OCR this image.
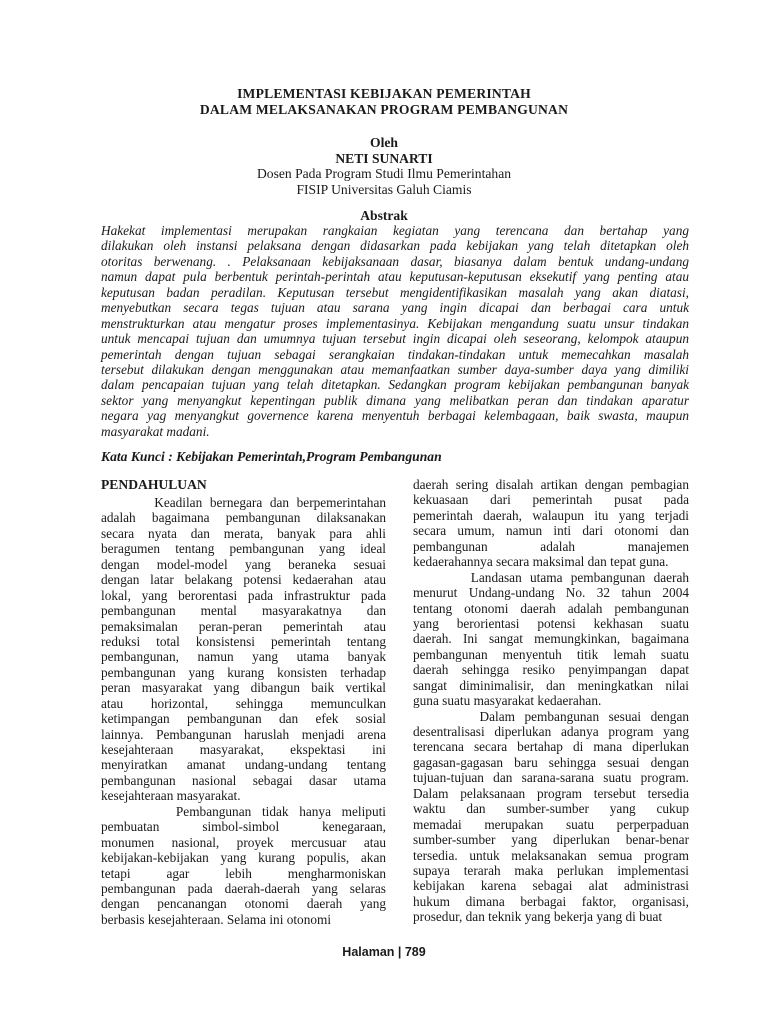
IMPLEMENTASI KEBIJAKAN PEMERINTAH
DALAM MELAKSANAKAN PROGRAM PEMBANGUNAN
Oleh
NETI SUNARTI
Dosen Pada Program Studi Ilmu Pemerintahan
FISIP Universitas Galuh Ciamis
Abstrak
Hakekat implementasi merupakan rangkaian kegiatan yang terencana dan bertahap yang
dilakukan oleh instansi pelaksana dengan didasarkan pada kebijakan yang telah ditetapkan oleh
otoritas berwenang. . Pelaksanaan kebijaksanaan dasar, biasanya dalam bentuk undang-undang
namun dapat pula berbentuk perintah-perintah atau keputusan-keputusan eksekutif yang penting atau
keputusan badan peradilan. Keputusan tersebut mengidentifikasikan masalah yang akan diatasi,
menyebutkan secara tegas tujuan atau sarana yang ingin dicapai dan berbagai cara untuk
menstrukturkan atau mengatur proses implementasinya. Kebijakan mengandung suatu unsur tindakan
untuk mencapai tujuan dan umumnya tujuan tersebut ingin dicapai oleh seseorang, kelompok ataupun
pemerintah dengan tujuan sebagai serangkaian tindakan-tindakan untuk memecahkan masalah
tersebut dilakukan dengan menggunakan atau memanfaatkan sumber daya-sumber daya yang dimiliki
dalam pencapaian tujuan yang telah ditetapkan. Sedangkan program kebijakan pembangunan banyak
sektor yang menyangkut kepentingan publik dimana yang melibatkan peran dan tindakan aparatur
negara yag menyangkut governence karena menyentuh berbagai kelembagaan, baik swasta, maupun
masyarakat madani.
Kata Kunci : Kebijakan Pemerintah,Program Pembangunan
PENDAHULUAN
Keadilan bernegara dan berpemerintahan
adalah bagaimana pembangunan dilaksanakan
secara nyata dan merata, banyak para ahli
beragumen tentang pembangunan yang ideal
dengan model-model yang beraneka sesuai
dengan latar belakang potensi kedaerahan atau
lokal, yang berorentasi pada infrastruktur pada
pembangunan mental masyarakatnya dan
pemaksimalan peran-peran pemerintah atau
reduksi total konsistensi pemerintah tentang
pembangunan, namun yang utama banyak
pembangunan yang kurang konsisten terhadap
peran masyarakat yang dibangun baik vertikal
atau horizontal, sehingga memunculkan
ketimpangan pembangunan dan efek sosial
lainnya. Pembangunan haruslah menjadi arena
kesejahteraan masyarakat, ekspektasi ini
menyiratkan amanat undang-undang tentang
pembangunan nasional sebagai dasar utama
kesejahteraan masyarakat.
Pembangunan tidak hanya meliputi
pembuatan simbol-simbol kenegaraan,
monumen nasional, proyek mercusuar atau
kebijakan-kebijakan yang kurang populis, akan
tetapi agar lebih mengharmoniskan
pembangunan pada daerah-daerah yang selaras
dengan pencanangan otonomi daerah yang
berbasis kesejahteraan. Selama ini otonomi
daerah sering disalah artikan dengan pembagian
kekuasaan dari pemerintah pusat pada
pemerintah daerah, walaupun itu yang terjadi
secara umum, namun inti dari otonomi dan
pembangunan adalah manajemen
kedaerahannya secara maksimal dan tepat guna.
Landasan utama pembangunan daerah
menurut Undang-undang No. 32 tahun 2004
tentang otonomi daerah adalah pembangunan
yang berorientasi potensi kekhasan suatu
daerah. Ini sangat memungkinkan, bagaimana
pembangunan menyentuh titik lemah suatu
daerah sehingga resiko penyimpangan dapat
sangat diminimalisir, dan meningkatkan nilai
guna suatu masyarakat kedaerahan.
Dalam pembangunan sesuai dengan
desentralisasi diperlukan adanya program yang
terencana secara bertahap di mana diperlukan
gagasan-gagasan baru sehingga sesuai dengan
tujuan-tujuan dan sarana-sarana suatu program.
Dalam pelaksanaan program tersebut tersedia
waktu dan sumber-sumber yang cukup
memadai merupakan suatu perperpaduan
sumber-sumber yang diperlukan benar-benar
tersedia. untuk melaksanakan semua program
supaya terarah maka perlukan implementasi
kebijakan karena sebagai alat administrasi
hukum dimana berbagai faktor, organisasi,
prosedur, dan teknik yang bekerja yang di buat
Halaman | 789
